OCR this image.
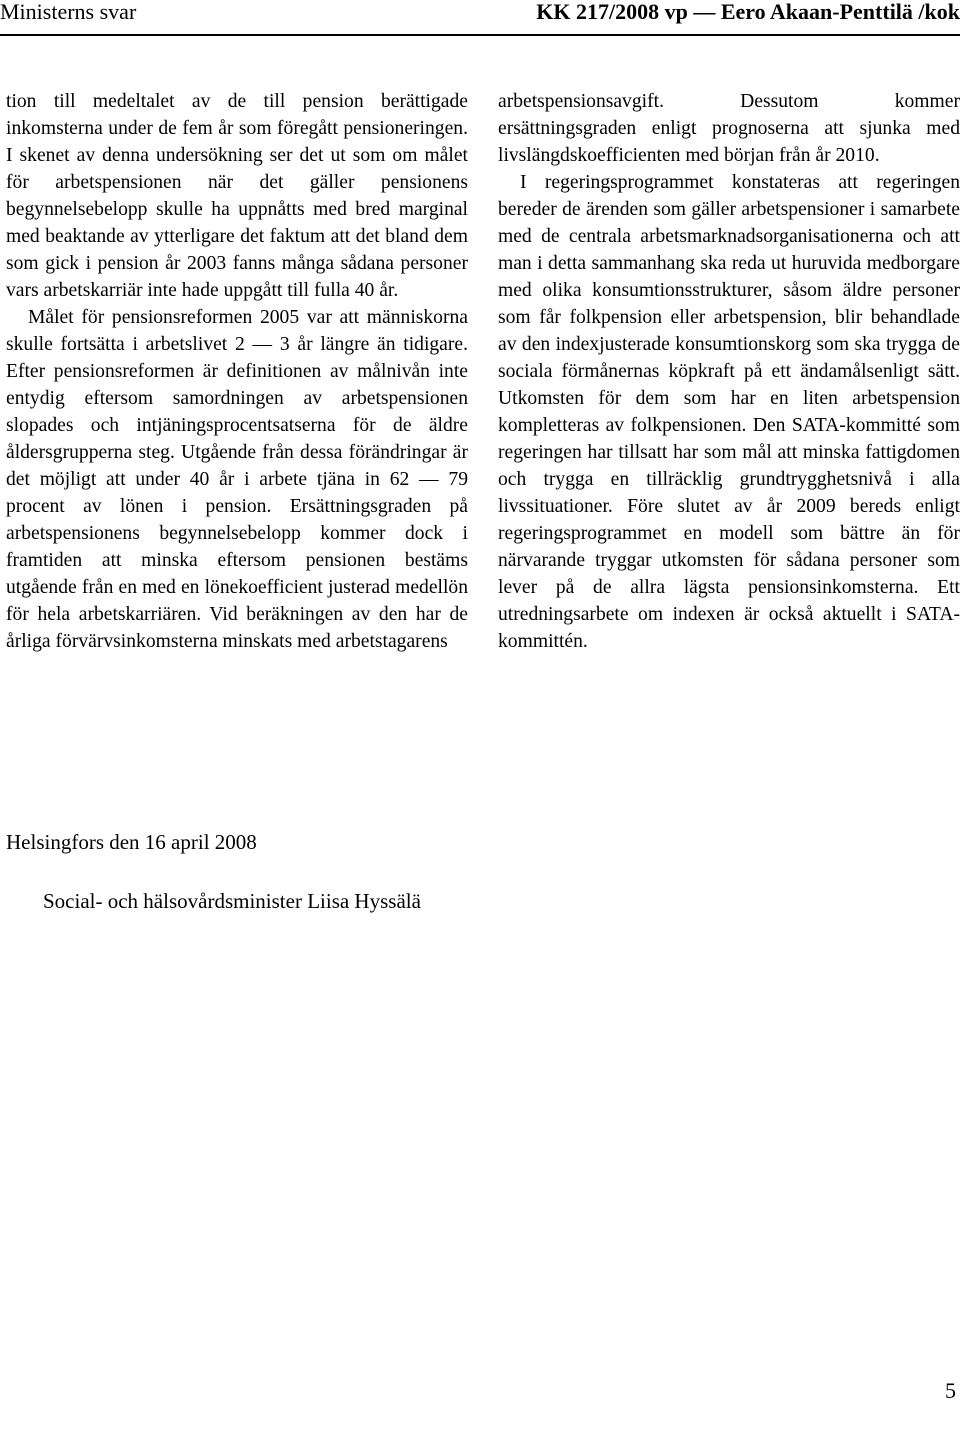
Ministerns svar	KK 217/2008 vp — Eero Akaan-Penttilä /kok

tion till medeltalet av de till pension berättigade inkomsterna under de fem år som föregått pensioneringen. I skenet av denna undersökning ser det ut som om målet för arbetspensionen när det gäller pensionens begynnelsebelopp skulle ha uppnåtts med bred marginal med beaktande av ytterligare det faktum att det bland dem som gick i pension år 2003 fanns många sådana personer vars arbetskarriär inte hade uppgått till fulla 40 år.

Målet för pensionsreformen 2005 var att människorna skulle fortsätta i arbetslivet 2 — 3 år längre än tidigare. Efter pensionsreformen är definitionen av målnivån inte entydig eftersom samordningen av arbetspensionen slopades och intjäningsprocentsatserna för de äldre åldersgrupperna steg. Utgående från dessa förändringar är det möjligt att under 40 år i arbete tjäna in 62 — 79 procent av lönen i pension. Ersättningsgraden på arbetspensionens begynnelsebelopp kommer dock i framtiden att minska eftersom pensionen bestäms utgående från en med en lönekoefficient justerad medellön för hela arbetskarriären. Vid beräkningen av den har de årliga förvärvsinkomsterna minskats med arbetstagarens

arbetspensionsavgift. Dessutom kommer ersättningsgraden enligt prognoserna att sjunka med livslängdskoefficienten med början från år 2010.

I regeringsprogrammet konstateras att regeringen bereder de ärenden som gäller arbetspensioner i samarbete med de centrala arbetsmarknadsorganisationerna och att man i detta sammanhang ska reda ut huruvida medborgare med olika konsumtionsstrukturer, såsom äldre personer som får folkpension eller arbetspension, blir behandlade av den indexjusterade konsumtionskorg som ska trygga de sociala förmånernas köpkraft på ett ändamålsenligt sätt. Utkomsten för dem som har en liten arbetspension kompletteras av folkpensionen. Den SATA-kommitté som regeringen har tillsatt har som mål att minska fattigdomen och trygga en tillräcklig grundtrygghetsnivå i alla livssituationer. Före slutet av år 2009 bereds enligt regeringsprogrammet en modell som bättre än för närvarande tryggar utkomsten för sådana personer som lever på de allra lägsta pensionsinkomsterna. Ett utredningsarbete om indexen är också aktuellt i SATA-kommittén.

Helsingfors den 16 april 2008
Social- och hälsovårdsminister Liisa Hyssälä
5
